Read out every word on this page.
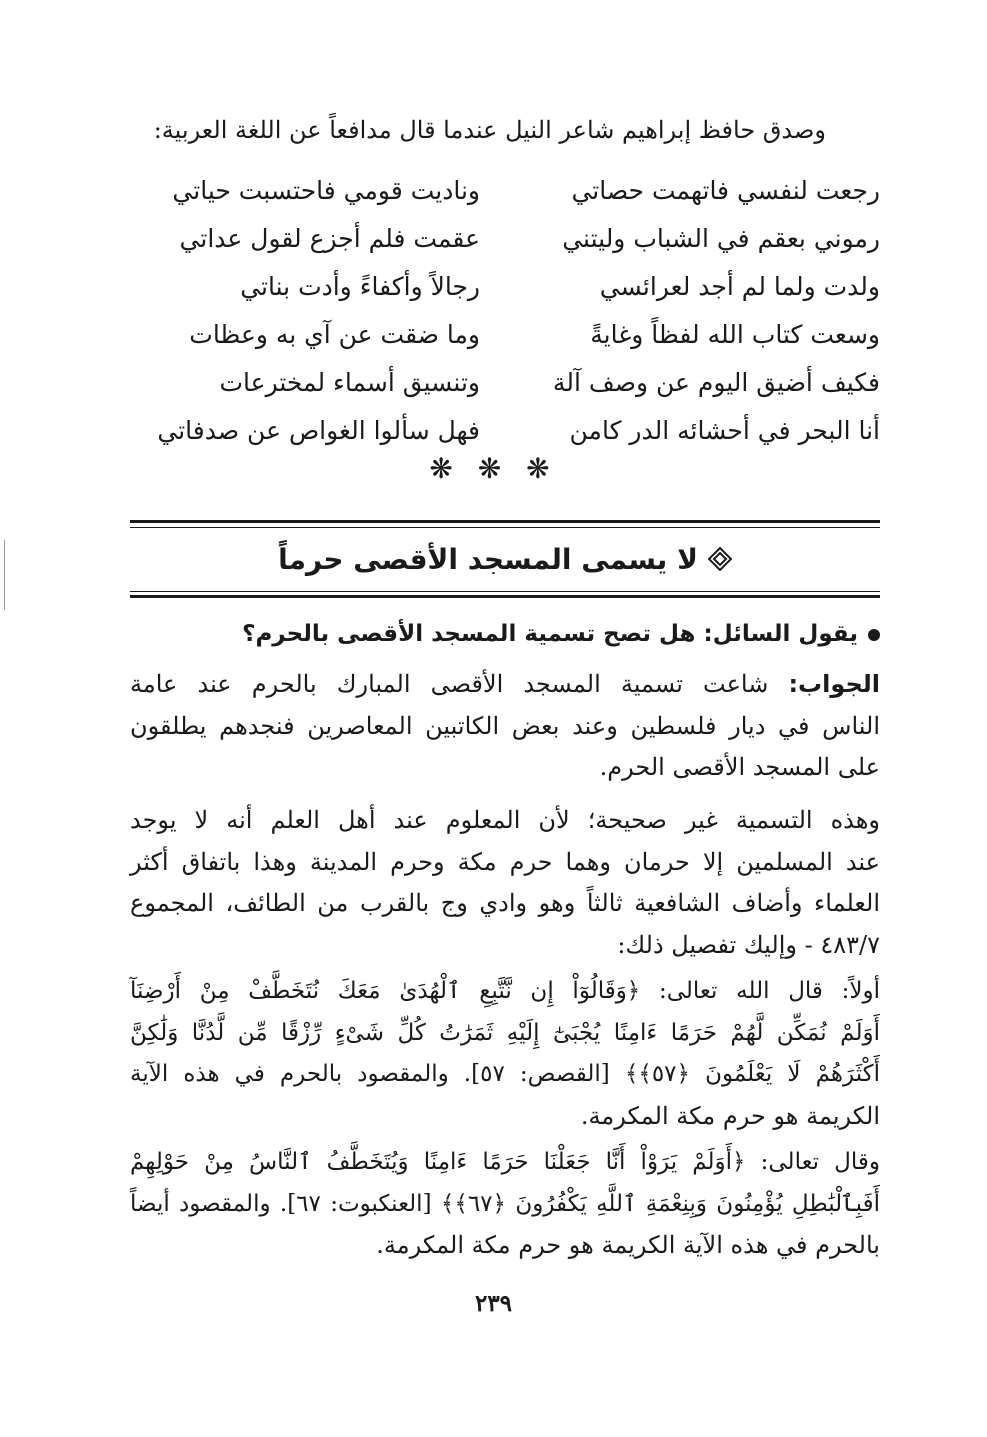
وصدق حافظ إبراهيم شاعر النيل عندما قال مدافعاً عن اللغة العربية:
رجعت لنفسي فاتهمت حصاتي
وناديت قومي فاحتسبت حياتي
رموني بعقم في الشباب وليتني
عقمت فلم أجزع لقول عداتي
ولدت ولما لم أجد لعرائسي
رجالاً وأكفاءً وأدت بناتي
وسعت كتاب الله لفظاً وغايةً
وما ضقت عن آي به وعظات
فكيف أضيق اليوم عن وصف آلة
وتنسيق أسماء لمخترعات
أنا البحر في أحشائه الدر كامن
فهل سألوا الغواص عن صدفاتي
❋ ❋ ❋
لا يسمى المسجد الأقصى حرماً
يقول السائل: هل تصح تسمية المسجد الأقصى بالحرم؟
الجواب: شاعت تسمية المسجد الأقصى المبارك بالحرم عند عامة
الناس في ديار فلسطين وعند بعض الكاتبين المعاصرين فنجدهم يطلقون
على المسجد الأقصى الحرم.
وهذه التسمية غير صحيحة؛ لأن المعلوم عند أهل العلم أنه لا يوجد
عند المسلمين إلا حرمان وهما حرم مكة وحرم المدينة وهذا باتفاق أكثر
العلماء وأضاف الشافعية ثالثاً وهو وادي وج بالقرب من الطائف، المجموع
٤٨٣/٧ - وإليك تفصيل ذلك:
أولاً: قال الله تعالى: ﴿وَقَالُوٓاْ إِن نَّتَّبِعِ ٱلْهُدَىٰ مَعَكَ نُتَخَطَّفْ مِنْ أَرْضِنَآ
أَوَلَمْ نُمَكِّن لَّهُمْ حَرَمًا ءَامِنًا يُجْبَىٰٓ إِلَيْهِ ثَمَرَٰتُ كُلِّ شَىْءٍ رِّزْقًا مِّن لَّدُنَّا وَلَٰكِنَّ
أَكْثَرَهُمْ لَا يَعْلَمُونَ ﴿٥٧﴾﴾ [القصص: ٥٧]. والمقصود بالحرم في هذه الآية
الكريمة هو حرم مكة المكرمة.
وقال تعالى: ﴿أَوَلَمْ يَرَوْاْ أَنَّا جَعَلْنَا حَرَمًا ءَامِنًا وَيُتَخَطَّفُ ٱلنَّاسُ مِنْ حَوْلِهِمْ
أَفَبِٱلْبَٰطِلِ يُؤْمِنُونَ وَبِنِعْمَةِ ٱللَّهِ يَكْفُرُونَ ﴿٦٧﴾﴾ [العنكبوت: ٦٧]. والمقصود أيضاً
بالحرم في هذه الآية الكريمة هو حرم مكة المكرمة.
٢٣٩
